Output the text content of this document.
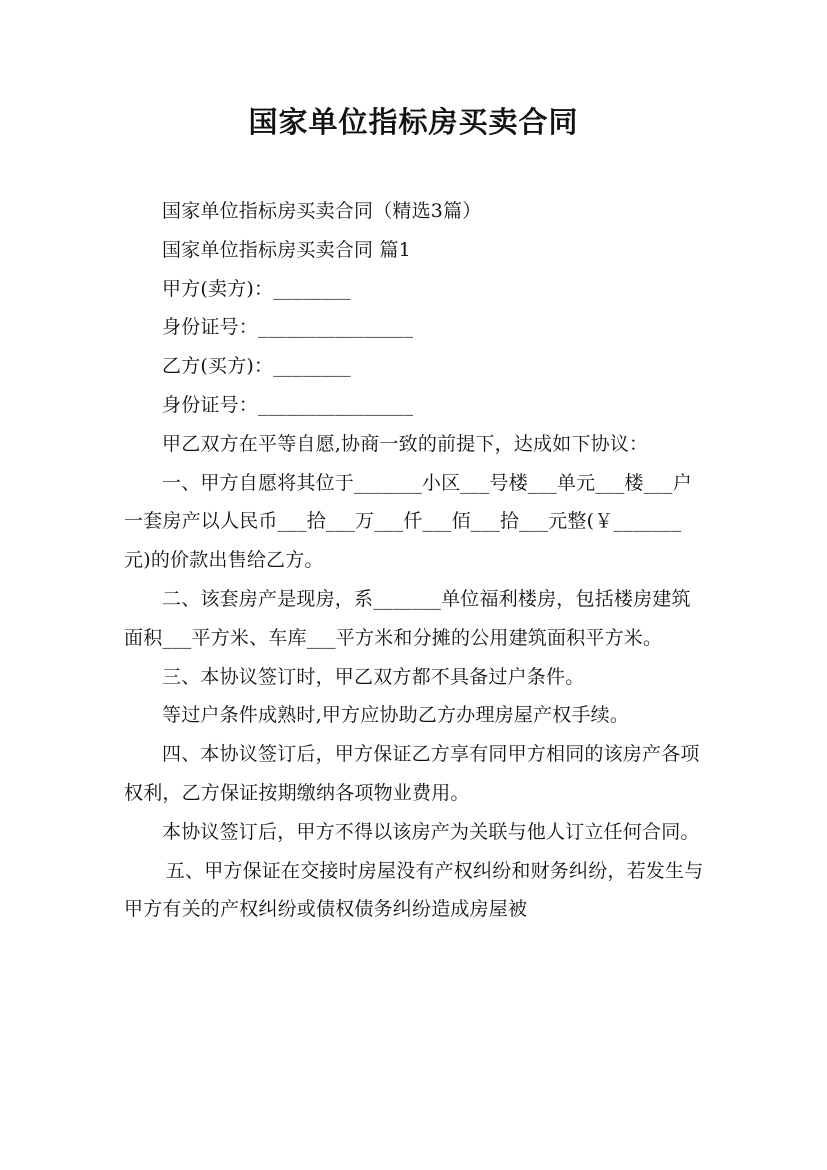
国家单位指标房买卖合同

国家单位指标房买卖合同（精选3篇）

国家单位指标房买卖合同 篇1

甲方(卖方)：________

身份证号：________________

乙方(买方)：________

身份证号：________________

甲乙双方在平等自愿,协商一致的前提下，达成如下协议：

一、甲方自愿将其位于_______小区___号楼___单元___楼___户一套房产以人民币___拾___万___仟___佰___拾___元整(￥_______元)的价款出售给乙方。

二、该套房产是现房，系_______单位福利楼房，包括楼房建筑面积___平方米、车库___平方米和分摊的公用建筑面积平方米。

三、本协议签订时，甲乙双方都不具备过户条件。

等过户条件成熟时,甲方应协助乙方办理房屋产权手续。

四、本协议签订后，甲方保证乙方享有同甲方相同的该房产各项权利，乙方保证按期缴纳各项物业费用。

本协议签订后，甲方不得以该房产为关联与他人订立任何合同。

五、甲方保证在交接时房屋没有产权纠纷和财务纠纷，若发生与甲方有关的产权纠纷或债权债务纠纷造成房屋被
